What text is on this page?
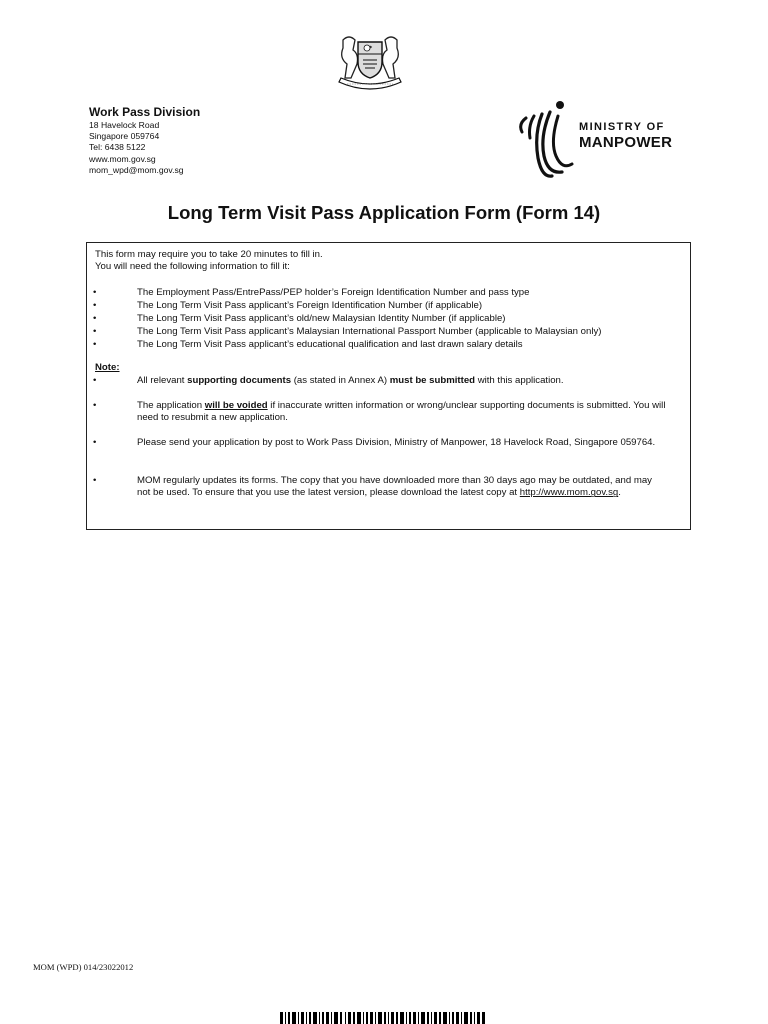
Work Pass Division
18 Havelock Road
Singapore 059764
Tel: 6438 5122
www.mom.gov.sg
mom_wpd@mom.gov.sg
MINISTRY OF
MANPOWER
Long Term Visit Pass Application Form (Form 14)
This form may require you to take 20 minutes to fill in.
You will need the following information to fill it:
•	The Employment Pass/EntrePass/PEP holder’s Foreign Identification Number and pass type
•	The Long Term Visit Pass applicant’s Foreign Identification Number (if applicable)
•	The Long Term Visit Pass applicant’s old/new Malaysian Identity Number (if applicable)
•	The Long Term Visit Pass applicant’s Malaysian International Passport Number (applicable to Malaysian only)
•	The Long Term Visit Pass applicant’s educational qualification and last drawn salary details
Note:
•	All relevant supporting documents (as stated in Annex A) must be submitted with this application.
•	The application will be voided if inaccurate written information or wrong/unclear supporting documents is submitted. You will need to resubmit a new application.
•	Please send your application by post to Work Pass Division, Ministry of Manpower, 18 Havelock Road, Singapore 059764.
•	MOM regularly updates its forms. The copy that you have downloaded more than 30 days ago may be outdated, and may not be used. To ensure that you use the latest version, please download the latest copy at http://www.mom.gov.sg.
MOM (WPD) 014/23022012
